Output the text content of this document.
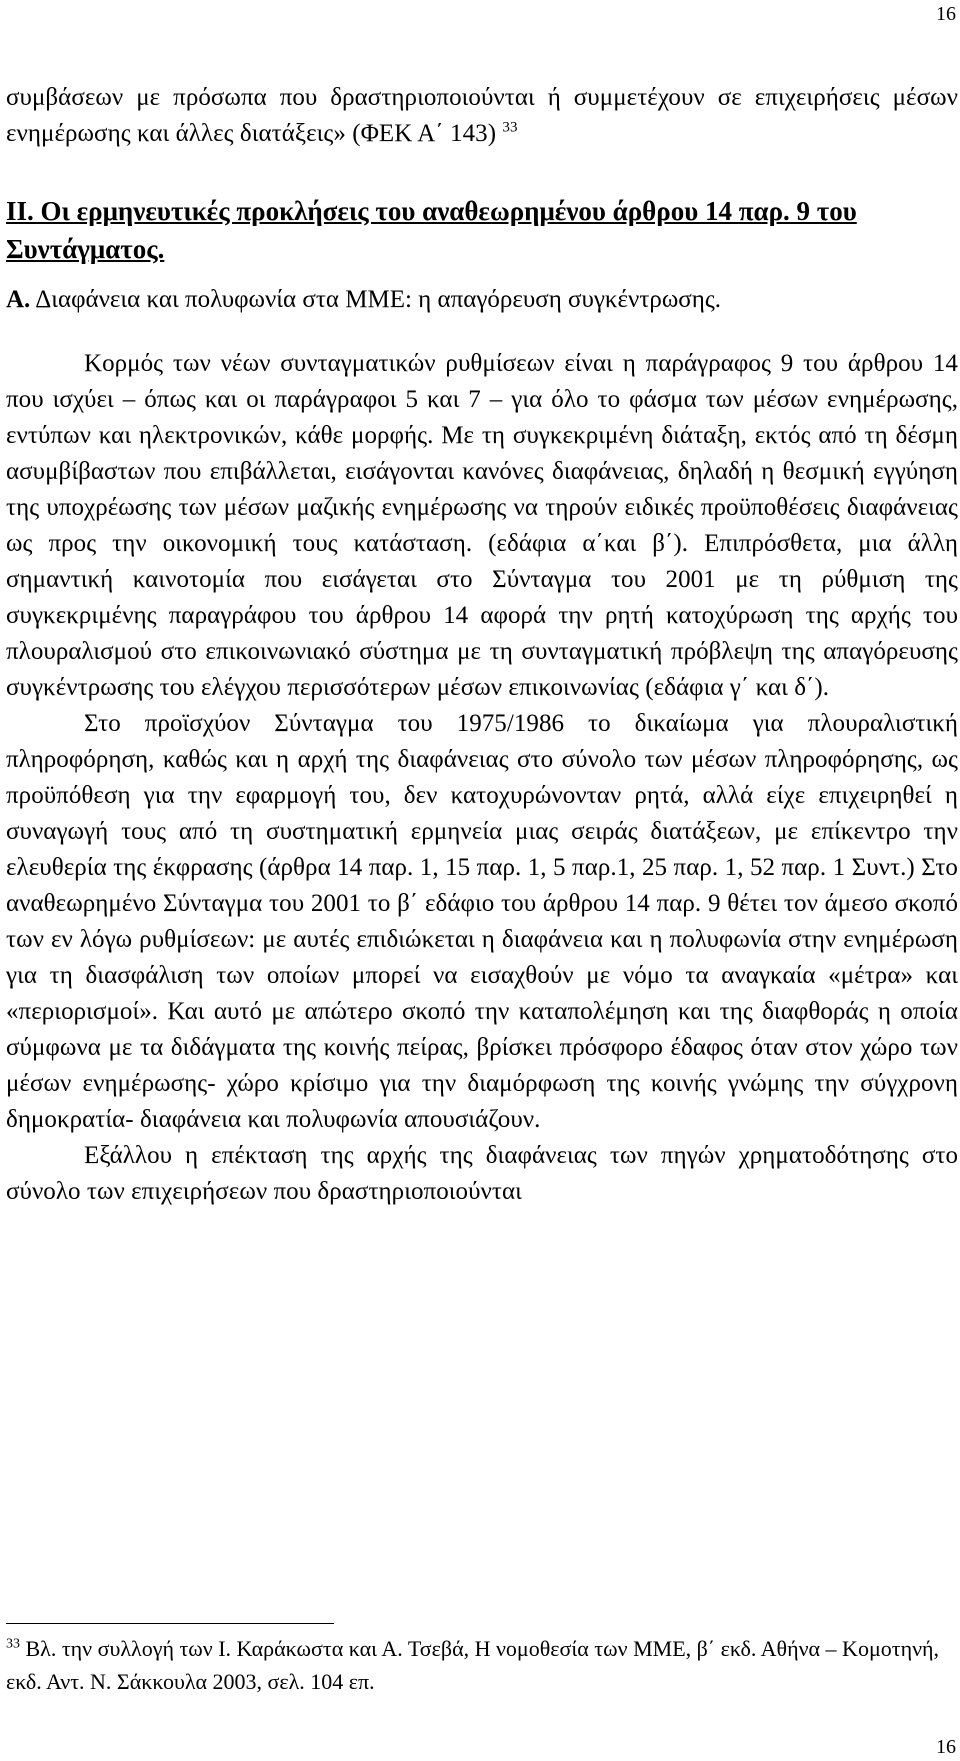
16

συμβάσεων με πρόσωπα που δραστηριοποιούνται ή συμμετέχουν σε επιχειρήσεις μέσων ενημέρωσης και άλλες διατάξεις» (ΦΕΚ Α΄ 143) $^{33}$

ΙΙ. Οι ερμηνευτικές προκλήσεις του αναθεωρημένου άρθρου 14 παρ. 9 του Συντάγματος.

Α. Διαφάνεια και πολυφωνία στα ΜΜΕ: η απαγόρευση συγκέντρωσης.

Κορμός των νέων συνταγματικών ρυθμίσεων είναι η παράγραφος 9 του άρθρου 14 που ισχύει – όπως και οι παράγραφοι 5 και 7 – για όλο το φάσμα των μέσων ενημέρωσης, εντύπων και ηλεκτρονικών, κάθε μορφής. Με τη συγκεκριμένη διάταξη, εκτός από τη δέσμη ασυμβίβαστων που επιβάλλεται, εισάγονται κανόνες διαφάνειας, δηλαδή η θεσμική εγγύηση της υποχρέωσης των μέσων μαζικής ενημέρωσης να τηρούν ειδικές προϋποθέσεις διαφάνειας ως προς την οικονομική τους κατάσταση. (εδάφια α΄και β΄). Επιπρόσθετα, μια άλλη σημαντική καινοτομία που εισάγεται στο Σύνταγμα του 2001 με τη ρύθμιση της συγκεκριμένης παραγράφου του άρθρου 14 αφορά την ρητή κατοχύρωση της αρχής του πλουραλισμού στο επικοινωνιακό σύστημα με τη συνταγματική πρόβλεψη της απαγόρευσης συγκέντρωσης του ελέγχου περισσότερων μέσων επικοινωνίας (εδάφια γ΄ και δ΄).

Στο προϊσχύον Σύνταγμα του 1975/1986 το δικαίωμα για πλουραλιστική πληροφόρηση, καθώς και η αρχή της διαφάνειας στο σύνολο των μέσων πληροφόρησης, ως προϋπόθεση για την εφαρμογή του, δεν κατοχυρώνονταν ρητά, αλλά είχε επιχειρηθεί η συναγωγή τους από τη συστηματική ερμηνεία μιας σειράς διατάξεων, με επίκεντρο την ελευθερία της έκφρασης (άρθρα 14 παρ. 1, 15 παρ. 1, 5 παρ.1, 25 παρ. 1, 52 παρ. 1 Συντ.) Στο αναθεωρημένο Σύνταγμα του 2001 το β΄ εδάφιο του άρθρου 14 παρ. 9 θέτει τον άμεσο σκοπό των εν λόγω ρυθμίσεων: με αυτές επιδιώκεται η διαφάνεια και η πολυφωνία στην ενημέρωση για τη διασφάλιση των οποίων μπορεί να εισαχθούν με νόμο τα αναγκαία «μέτρα» και «περιορισμοί». Και αυτό με απώτερο σκοπό την καταπολέμηση και της διαφθοράς η οποία σύμφωνα με τα διδάγματα της κοινής πείρας, βρίσκει πρόσφορο έδαφος όταν στον χώρο των μέσων ενημέρωσης- χώρο κρίσιμο για την διαμόρφωση της κοινής γνώμης την σύγχρονη δημοκρατία- διαφάνεια και πολυφωνία απουσιάζουν.

Εξάλλου η επέκταση της αρχής της διαφάνειας των πηγών χρηματοδότησης στο σύνολο των επιχειρήσεων που δραστηριοποιούνται

$^{33}$ Βλ. την συλλογή των Ι. Καράκωστα και Α. Τσεβά, Η νομοθεσία των ΜΜΕ, β΄ εκδ. Αθήνα – Κομοτηνή, εκδ. Αντ. Ν. Σάκκουλα 2003, σελ. 104 επ.
16
